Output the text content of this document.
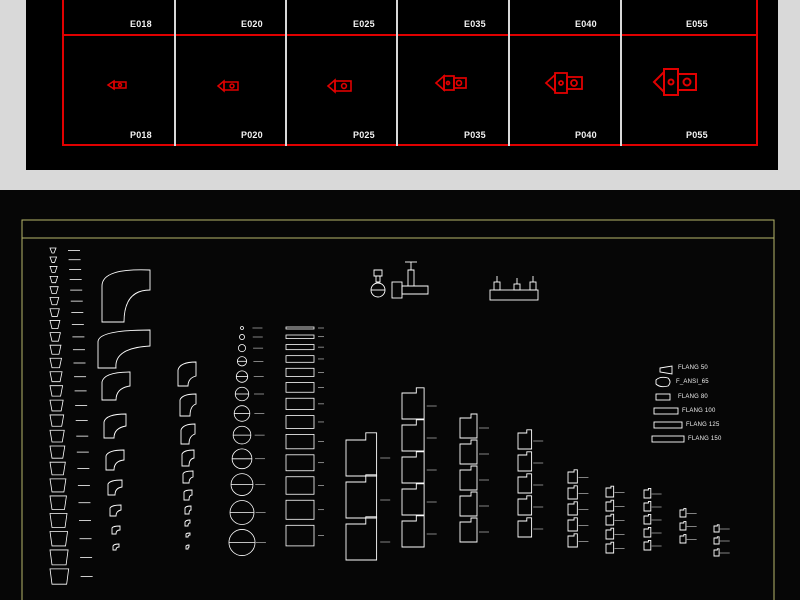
E018	E020	E025	E035	E040	E055
P018	P020	P025	P035	P040	P055
FLANG 50
F_ANSI_65
FLANG 80
FLANG 100
FLANG 125
FLANG 150
